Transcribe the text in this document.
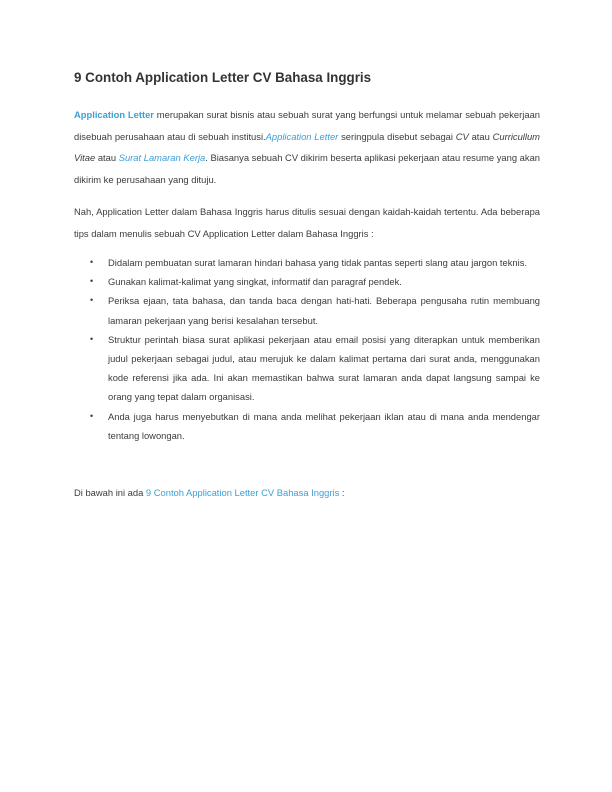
9 Contoh Application Letter CV Bahasa Inggris

Application Letter merupakan surat bisnis atau sebuah surat yang berfungsi untuk melamar sebuah pekerjaan disebuah perusahaan atau di sebuah institusi.Application Letter seringpula disebut sebagai CV atau Curricullum Vitae atau Surat Lamaran Kerja. Biasanya sebuah CV dikirim beserta aplikasi pekerjaan atau resume yang akan dikirim ke perusahaan yang dituju.

Nah, Application Letter dalam Bahasa Inggris harus ditulis sesuai dengan kaidah-kaidah tertentu. Ada beberapa tips dalam menulis sebuah CV Application Letter dalam Bahasa Inggris :

• Didalam pembuatan surat lamaran hindari bahasa yang tidak pantas seperti slang atau jargon teknis.
• Gunakan kalimat-kalimat yang singkat, informatif dan paragraf pendek.
• Periksa ejaan, tata bahasa, dan tanda baca dengan hati-hati. Beberapa pengusaha rutin membuang lamaran pekerjaan yang berisi kesalahan tersebut.
• Struktur perintah biasa surat aplikasi pekerjaan atau email posisi yang diterapkan untuk memberikan judul pekerjaan sebagai judul, atau merujuk ke dalam kalimat pertama dari surat anda, menggunakan kode referensi jika ada. Ini akan memastikan bahwa surat lamaran anda dapat langsung sampai ke orang yang tepat dalam organisasi.
• Anda juga harus menyebutkan di mana anda melihat pekerjaan iklan atau di mana anda mendengar tentang lowongan.

Di bawah ini ada 9 Contoh Application Letter CV Bahasa Inggris :
